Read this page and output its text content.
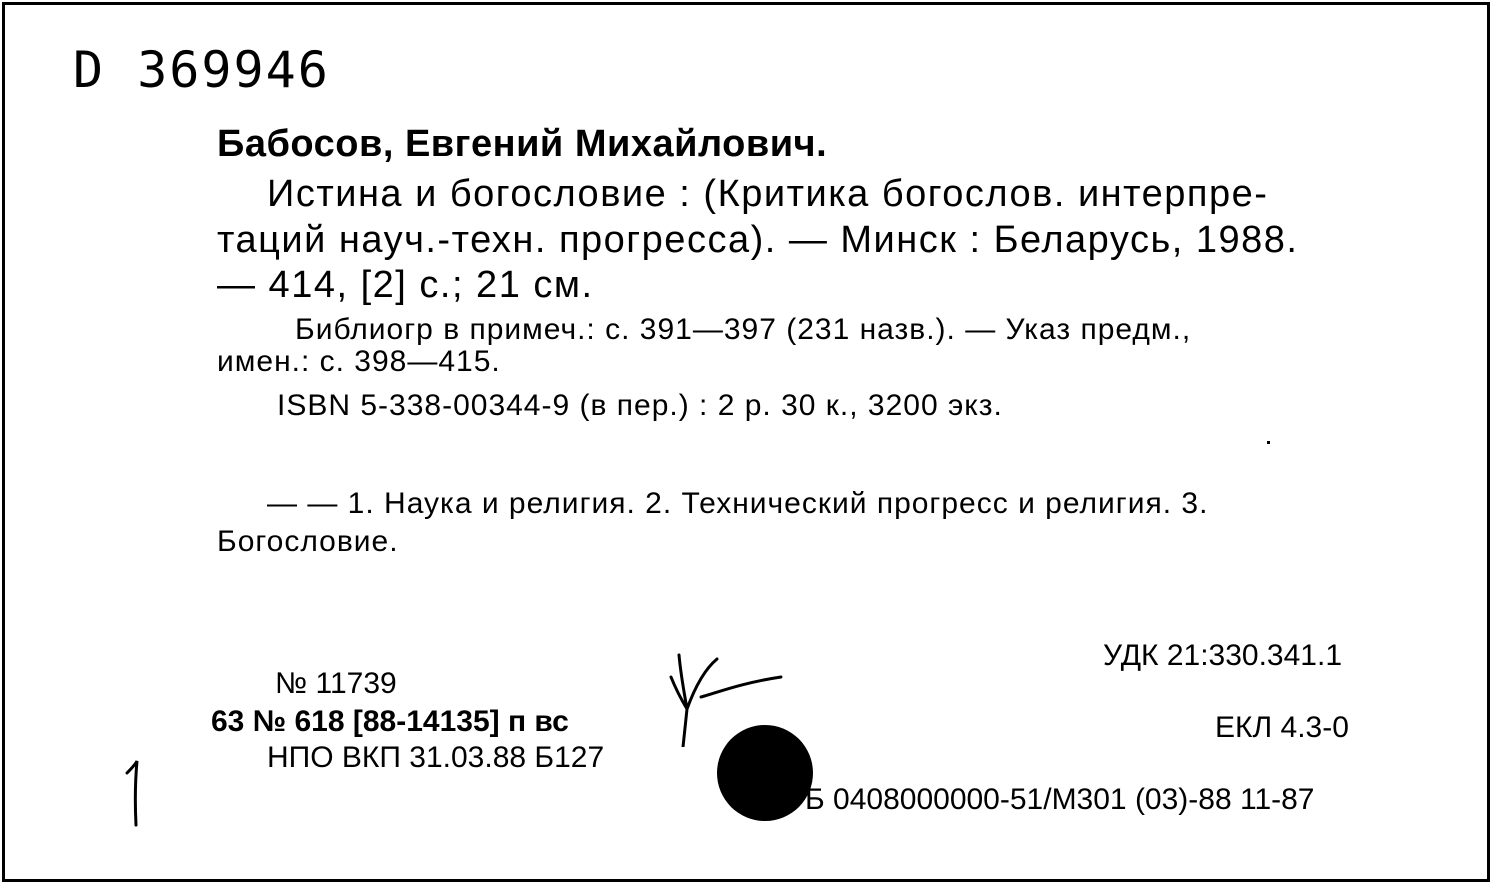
D 369946
Бабосов, Евгений Михайлович.
Истина и богословие : (Критика богослов. интерпре-
таций науч.-техн. прогресса). — Минск : Беларусь, 1988.
— 414, [2] с.; 21 см.
Библиогр в примеч.: с. 391—397 (231 назв.). — Указ предм.,
имен.: с. 398—415.
ISBN 5-338-00344-9 (в пер.) : 2 р. 30 к., 3200 экз.
— — 1. Наука и религия. 2. Технический прогресс и религия. 3.
Богословие.
№ 11739
63 № 618 [88-14135] п вс
НПО ВКП 31.03.88 Б127
УДК 21:330.341.1
ЕКЛ 4.3-0
Б 0408000000-51/М301 (03)-88 11-87
